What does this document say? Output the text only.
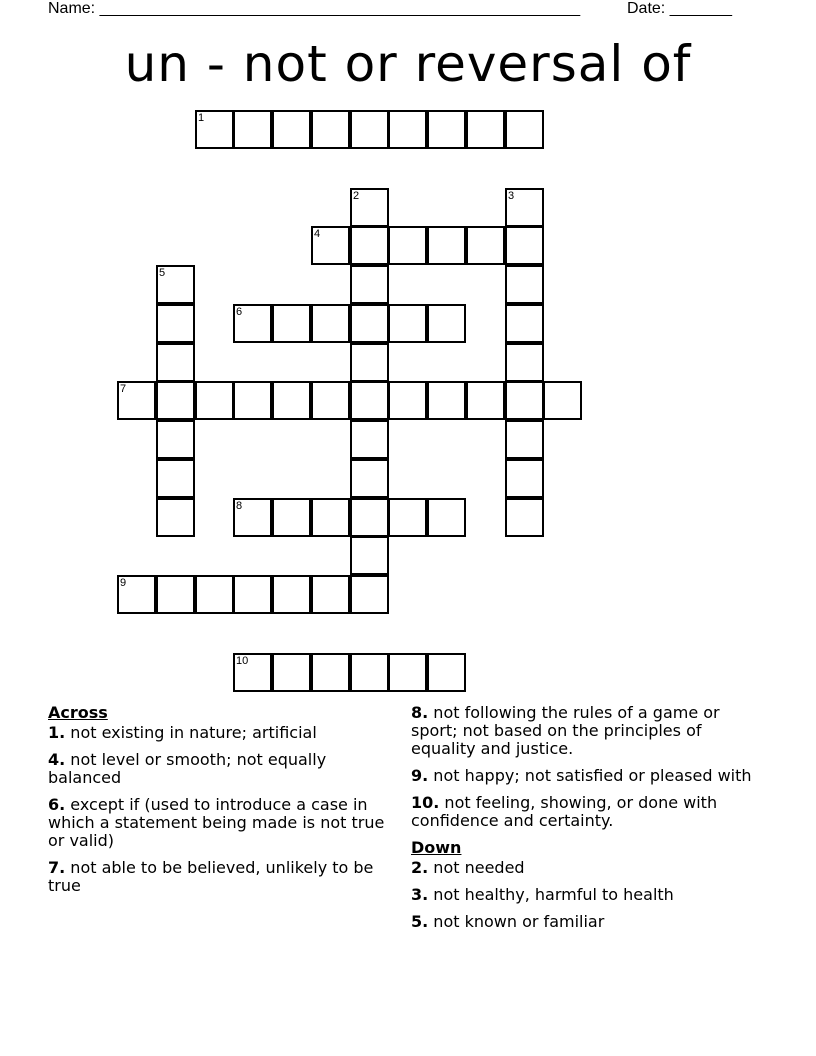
Name: ______________________________________________________	Date: _______
un - not or reversal of
1
4
6
7
8
9
10
2	3
5
Across
1. not existing in nature; artificial
4. not level or smooth; not equally balanced
6. except if (used to introduce a case in which a statement being made is not true or valid)
7. not able to be believed, unlikely to be true
8. not following the rules of a game or sport; not based on the principles of equality and justice.
9. not happy; not satisfied or pleased with
10. not feeling, showing, or done with confidence and certainty.
Down
2. not needed
3. not healthy, harmful to health
5. not known or familiar
